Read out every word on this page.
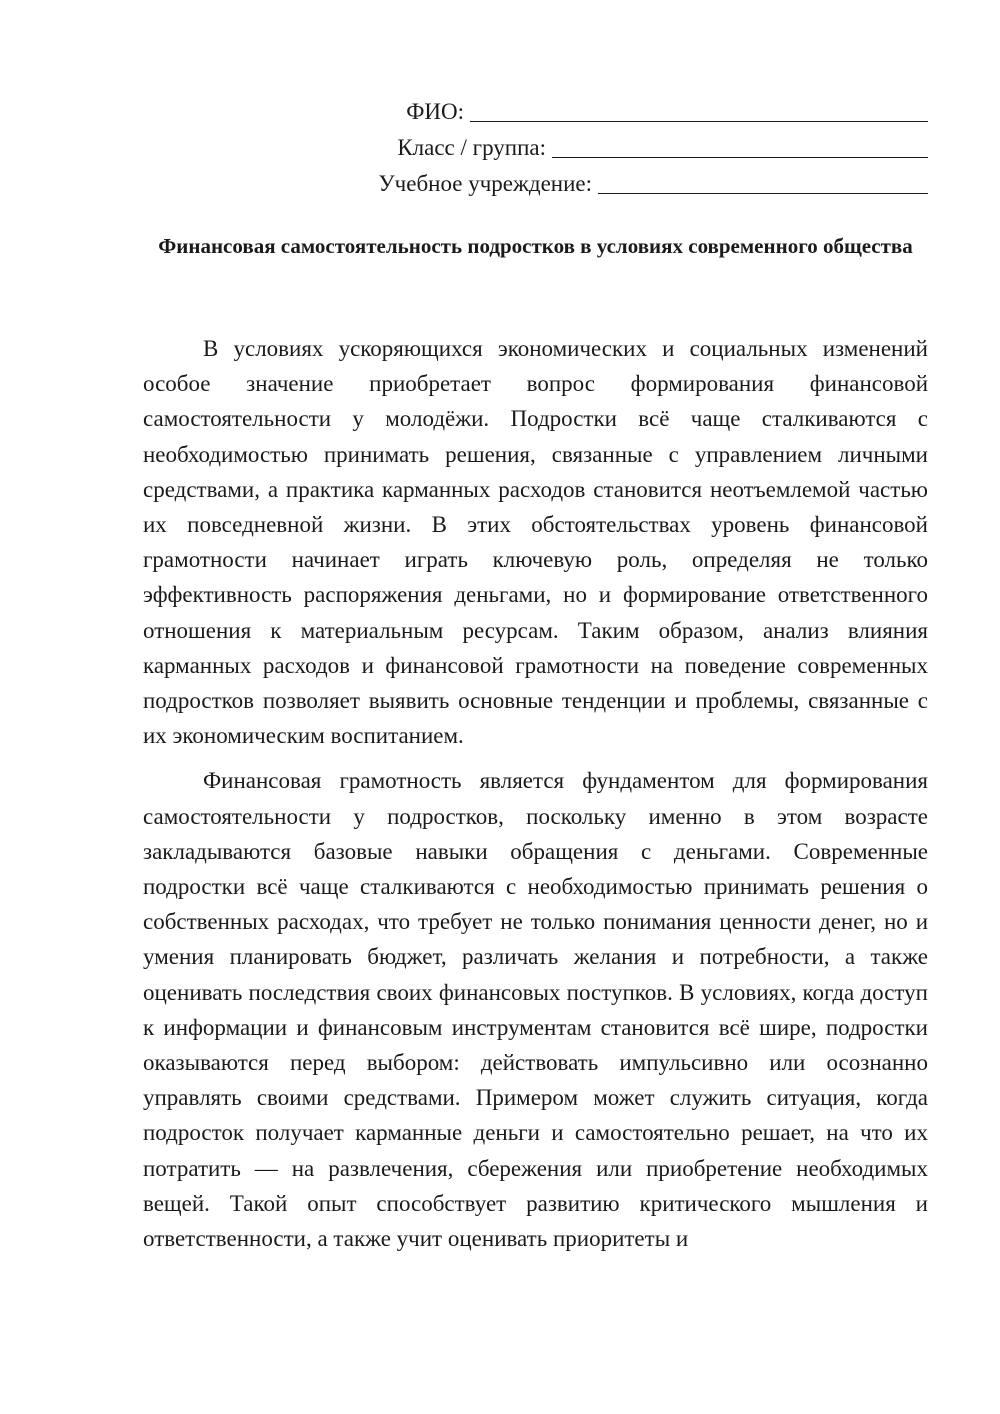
ФИО:
Класс / группа:
Учебное учреждение:
Финансовая самостоятельность подростков в условиях современного общества

В условиях ускоряющихся экономических и социальных изменений особое значение приобретает вопрос формирования финансовой самостоятельности у молодёжи. Подростки всё чаще сталкиваются с необходимостью принимать решения, связанные с управлением личными средствами, а практика карманных расходов становится неотъемлемой частью их повседневной жизни. В этих обстоятельствах уровень финансовой грамотности начинает играть ключевую роль, определяя не только эффективность распоряжения деньгами, но и формирование ответственного отношения к материальным ресурсам. Таким образом, анализ влияния карманных расходов и финансовой грамотности на поведение современных подростков позволяет выявить основные тенденции и проблемы, связанные с их экономическим воспитанием.

Финансовая грамотность является фундаментом для формирования самостоятельности у подростков, поскольку именно в этом возрасте закладываются базовые навыки обращения с деньгами. Современные подростки всё чаще сталкиваются с необходимостью принимать решения о собственных расходах, что требует не только понимания ценности денег, но и умения планировать бюджет, различать желания и потребности, а также оценивать последствия своих финансовых поступков. В условиях, когда доступ к информации и финансовым инструментам становится всё шире, подростки оказываются перед выбором: действовать импульсивно или осознанно управлять своими средствами. Примером может служить ситуация, когда подросток получает карманные деньги и самостоятельно решает, на что их потратить — на развлечения, сбережения или приобретение необходимых вещей. Такой опыт способствует развитию критического мышления и ответственности, а также учит оценивать приоритеты и
